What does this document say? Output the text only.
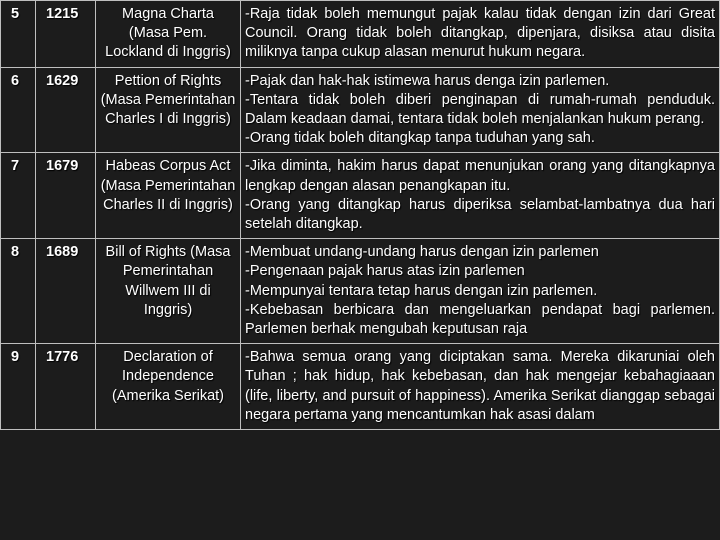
5	1215	Magna Charta (Masa Pem. Lockland di Inggris)	-Raja tidak boleh memungut pajak kalau tidak dengan izin dari Great Council. Orang tidak boleh ditangkap, dipenjara, disiksa atau disita miliknya tanpa cukup alasan menurut hukum negara.

6	1629	Pettion of Rights (Masa Pemerintahan Charles I di Inggris)	-Pajak dan hak-hak istimewa harus denga izin parlemen.
-Tentara tidak boleh diberi penginapan di rumah-rumah penduduk. Dalam keadaan damai, tentara tidak boleh menjalankan hukum perang.
-Orang tidak boleh ditangkap tanpa tuduhan yang sah.

7	1679	Habeas Corpus Act (Masa Pemerintahan Charles II di Inggris)	-Jika diminta, hakim harus dapat menunjukan orang yang ditangkapnya lengkap dengan alasan penangkapan itu.
-Orang yang ditangkap harus diperiksa selambat-lambatnya dua hari setelah ditangkap.

8	1689	Bill of Rights (Masa Pemerintahan Willwem III di Inggris)	-Membuat undang-undang harus dengan izin parlemen
-Pengenaan pajak harus atas izin parlemen
-Mempunyai tentara tetap harus dengan izin parlemen.
-Kebebasan berbicara dan mengeluarkan pendapat bagi parlemen. Parlemen berhak mengubah keputusan raja

9	1776	Declaration of Independence (Amerika Serikat)	-Bahwa semua orang yang diciptakan sama. Mereka dikaruniai oleh Tuhan ; hak hidup, hak kebebasan, dan hak mengejar kebahagiaaan (life, liberty, and pursuit of happiness). Amerika Serikat dianggap sebagai negara pertama yang mencantumkan hak asasi dalam
